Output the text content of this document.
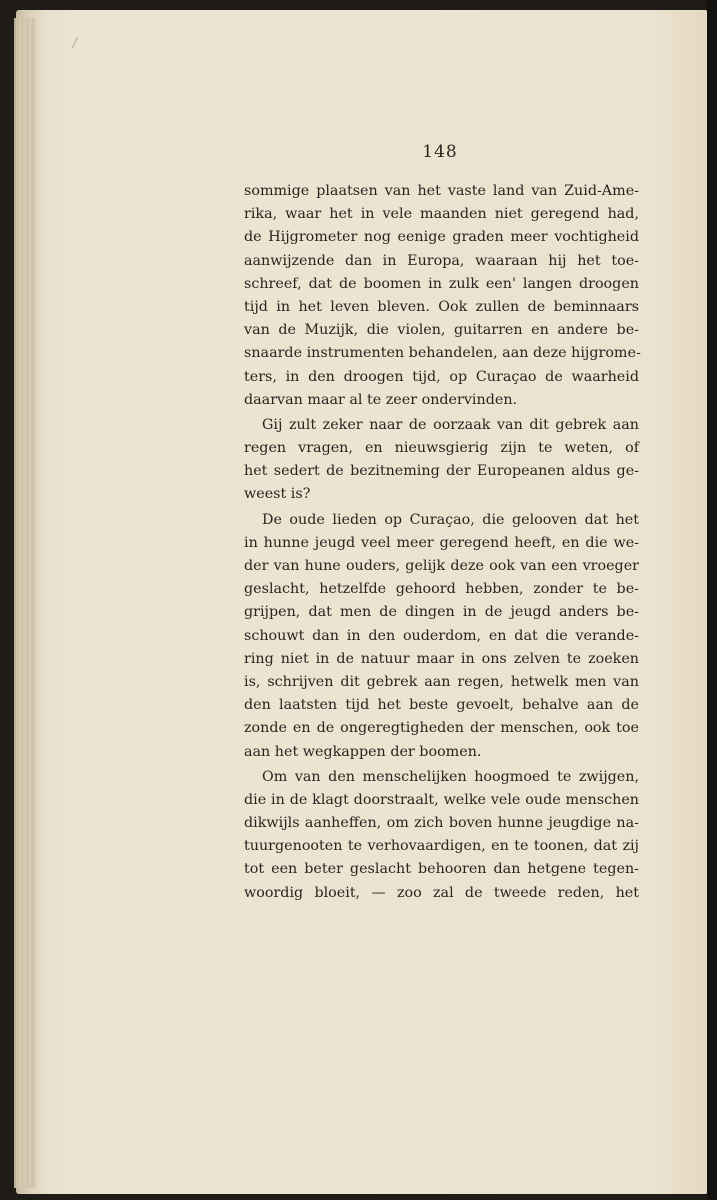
148
sommige plaatsen van het vaste land van Zuid-Ame-
rika, waar het in vele maanden niet geregend had,
de Hijgrometer nog eenige graden meer vochtigheid
aanwijzende dan in Europa, waaraan hij het toe-
schreef, dat de boomen in zulk een' langen droogen
tijd in het leven bleven. Ook zullen de beminnaars
van de Muzijk, die violen, guitarren en andere be-
snaarde instrumenten behandelen, aan deze hijgrome-
ters, in den droogen tijd, op Curaçao de waarheid
daarvan maar al te zeer ondervinden.
Gij zult zeker naar de oorzaak van dit gebrek aan
regen vragen, en nieuwsgierig zijn te weten, of
het sedert de bezitneming der Europeanen aldus ge-
weest is?
De oude lieden op Curaçao, die gelooven dat het
in hunne jeugd veel meer geregend heeft, en die we-
der van hune ouders, gelijk deze ook van een vroeger
geslacht, hetzelfde gehoord hebben, zonder te be-
grijpen, dat men de dingen in de jeugd anders be-
schouwt dan in den ouderdom, en dat die verande-
ring niet in de natuur maar in ons zelven te zoeken
is, schrijven dit gebrek aan regen, hetwelk men van
den laatsten tijd het beste gevoelt, behalve aan de
zonde en de ongeregtigheden der menschen, ook toe
aan het wegkappen der boomen.
Om van den menschelijken hoogmoed te zwijgen,
die in de klagt doorstraalt, welke vele oude menschen
dikwijls aanheffen, om zich boven hunne jeugdige na-
tuurgenooten te verhovaardigen, en te toonen, dat zij
tot een beter geslacht behooren dan hetgene tegen-
woordig bloeit, — zoo zal de tweede reden, het
